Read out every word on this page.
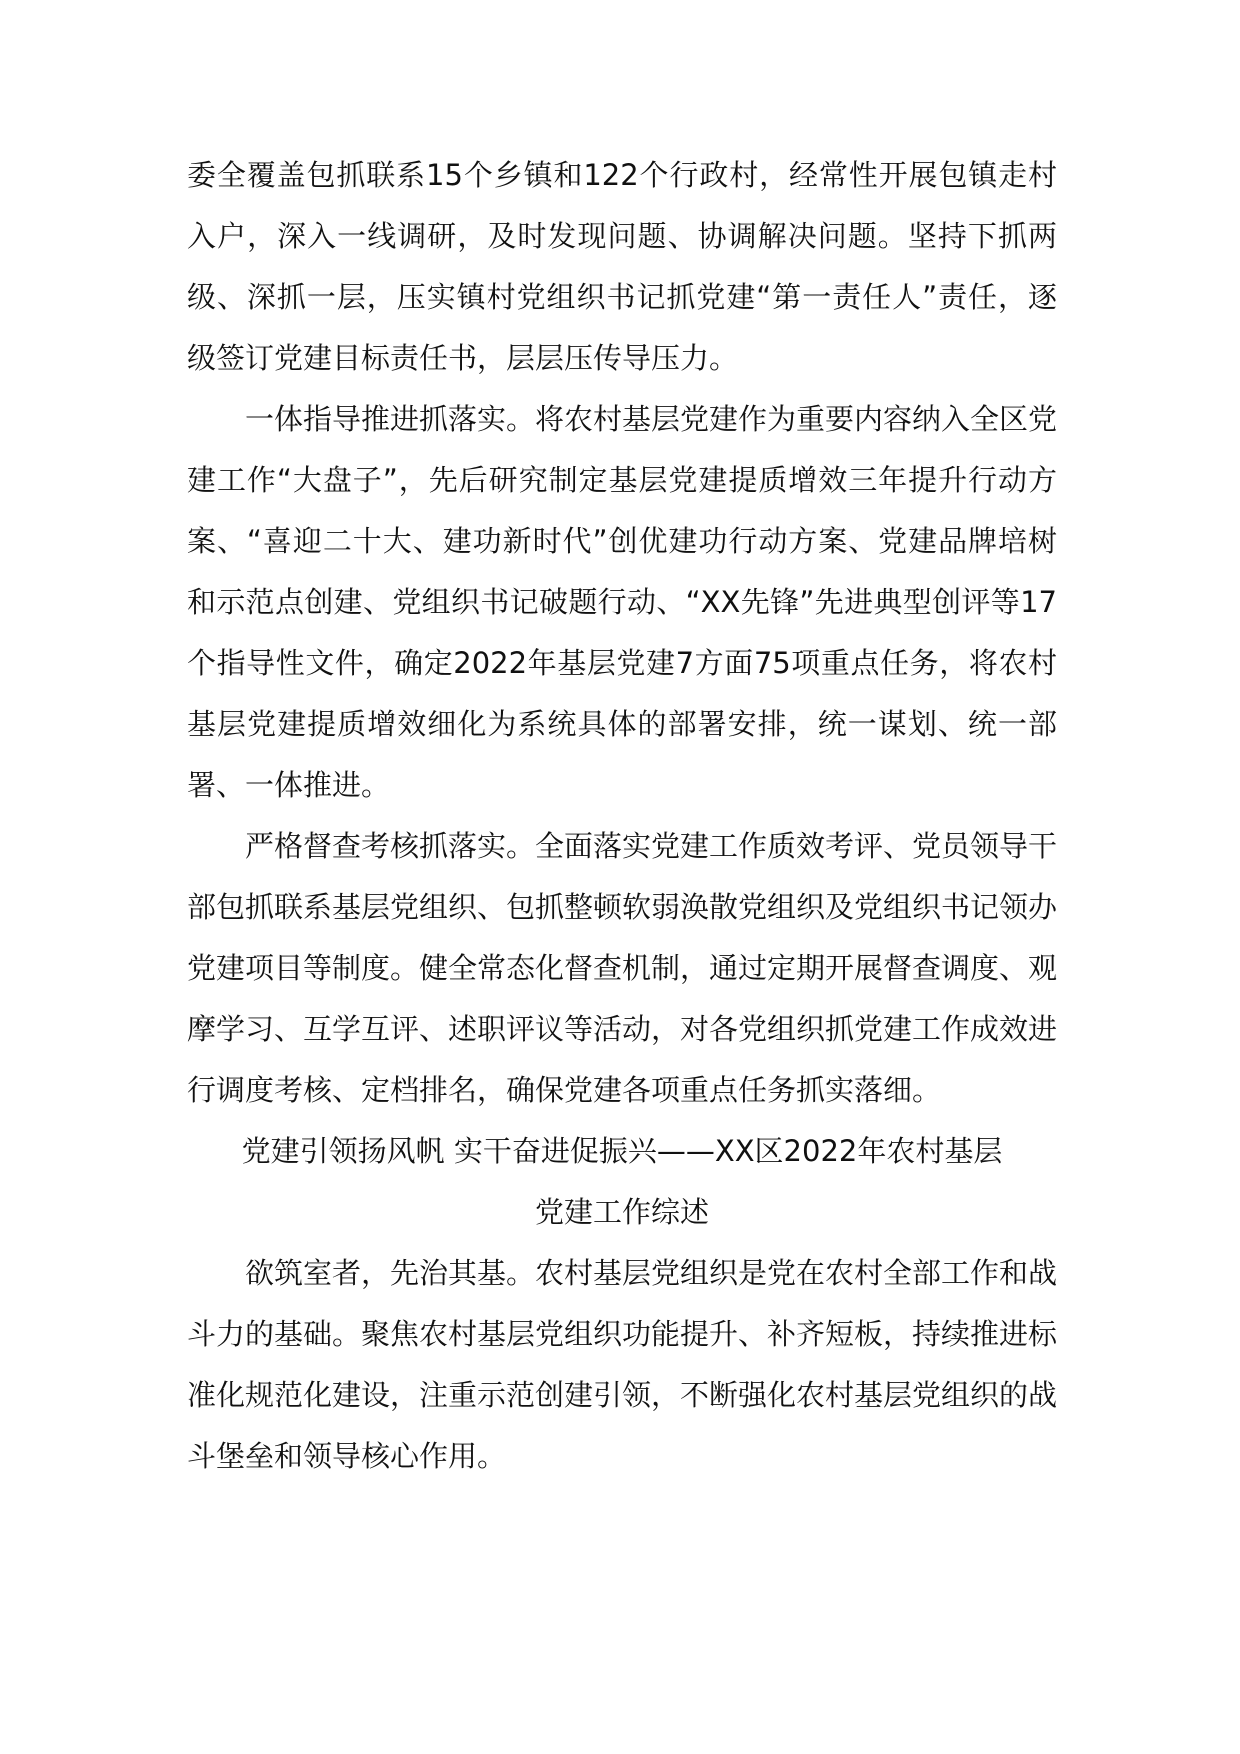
委全覆盖包抓联系15个乡镇和122个行政村，经常性开展包镇走村入户，深入一线调研，及时发现问题、协调解决问题。坚持下抓两级、深抓一层，压实镇村党组织书记抓党建“第一责任人”责任，逐级签订党建目标责任书，层层压传导压力。

一体指导推进抓落实。将农村基层党建作为重要内容纳入全区党建工作“大盘子”，先后研究制定基层党建提质增效三年提升行动方案、“喜迎二十大、建功新时代”创优建功行动方案、党建品牌培树和示范点创建、党组织书记破题行动、“XX先锋”先进典型创评等17个指导性文件，确定2022年基层党建7方面75项重点任务，将农村基层党建提质增效细化为系统具体的部署安排，统一谋划、统一部署、一体推进。

严格督查考核抓落实。全面落实党建工作质效考评、党员领导干部包抓联系基层党组织、包抓整顿软弱涣散党组织及党组织书记领办党建项目等制度。健全常态化督查机制，通过定期开展督查调度、观摩学习、互学互评、述职评议等活动，对各党组织抓党建工作成效进行调度考核、定档排名，确保党建各项重点任务抓实落细。

党建引领扬风帆 实干奋进促振兴——XX区2022年农村基层
党建工作综述

欲筑室者，先治其基。农村基层党组织是党在农村全部工作和战斗力的基础。聚焦农村基层党组织功能提升、补齐短板，持续推进标准化规范化建设，注重示范创建引领，不断强化农村基层党组织的战斗堡垒和领导核心作用。
